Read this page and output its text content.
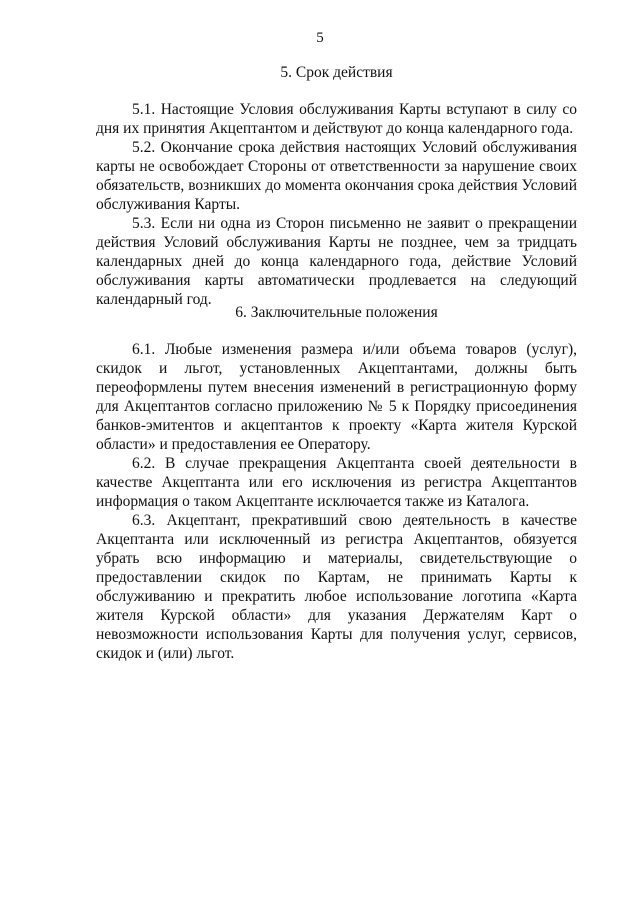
5

5. Срок действия

5.1. Настоящие Условия обслуживания Карты вступают в силу со дня их принятия Акцептантом и действуют до конца календарного года.

5.2. Окончание срока действия настоящих Условий обслуживания карты не освобождает Стороны от ответственности за нарушение своих обязательств, возникших до момента окончания срока действия Условий обслуживания Карты.

5.3. Если ни одна из Сторон письменно не заявит о прекращении действия Условий обслуживания Карты не позднее, чем за тридцать календарных дней до конца календарного года, действие Условий обслуживания карты автоматически продлевается на следующий календарный год.

6. Заключительные положения

6.1. Любые изменения размера и/или объема товаров (услуг), скидок и льгот, установленных Акцептантами, должны быть переоформлены путем внесения изменений в регистрационную форму для Акцептантов согласно приложению № 5 к Порядку присоединения банков-эмитентов и акцептантов к проекту «Карта жителя Курской области» и предоставления ее Оператору.

6.2. В случае прекращения Акцептанта своей деятельности в качестве Акцептанта или его исключения из регистра Акцептантов информация о таком Акцептанте исключается также из Каталога.

6.3. Акцептант, прекративший свою деятельность в качестве Акцептанта или исключенный из регистра Акцептантов, обязуется убрать всю информацию и материалы, свидетельствующие о предоставлении скидок по Картам, не принимать Карты к обслуживанию и прекратить любое использование логотипа «Карта жителя Курской области» для указания Держателям Карт о невозможности использования Карты для получения услуг, сервисов, скидок и (или) льгот.
